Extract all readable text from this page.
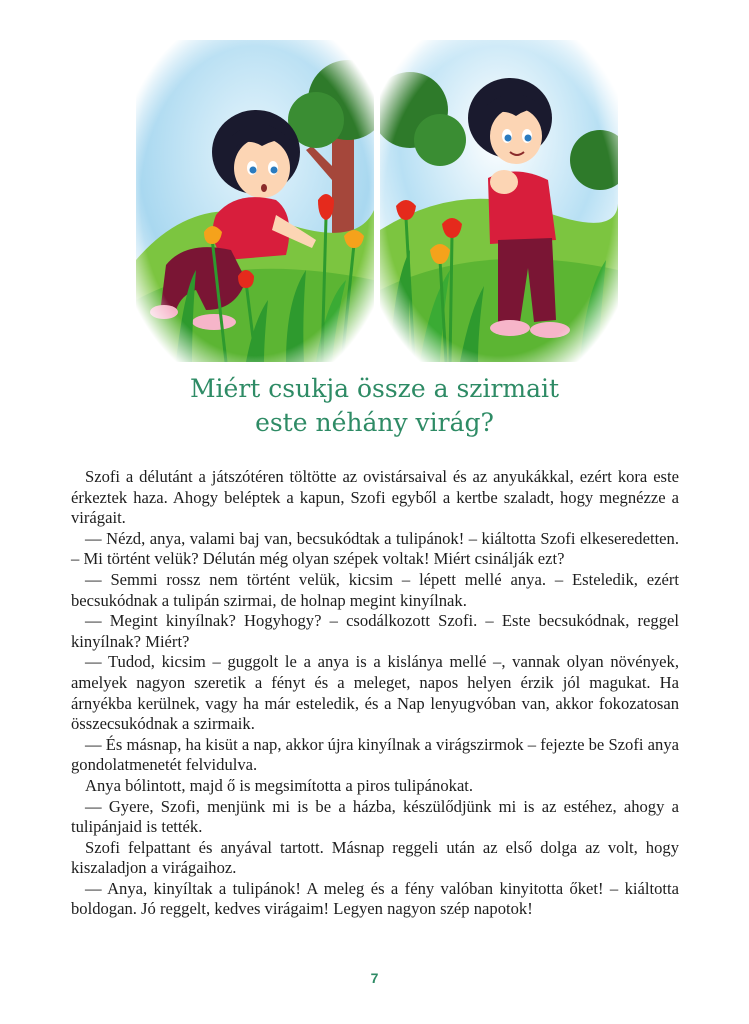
Miért csukja össze a szirmait
este néhány virág?

Szofi a délutánt a játszótéren töltötte az ovistársaival és az anyukákkal, ezért kora este érkeztek haza. Ahogy beléptek a kapun, Szofi egyből a kertbe szaladt, hogy megnézze a virágait.

— Nézd, anya, valami baj van, becsukódtak a tulipánok! – kiáltotta Szofi elkeseredetten. – Mi történt velük? Délután még olyan szépek voltak! Miért csinálják ezt?

— Semmi rossz nem történt velük, kicsim – lépett mellé anya. – Esteledik, ezért becsukódnak a tulipán szirmai, de holnap megint kinyílnak.

— Megint kinyílnak? Hogyhogy? – csodálkozott Szofi. – Este becsukódnak, reggel kinyílnak? Miért?

— Tudod, kicsim – guggolt le a anya is a kislánya mellé –, vannak olyan növények, amelyek nagyon szeretik a fényt és a meleget, napos helyen érzik jól magukat. Ha árnyékba kerülnek, vagy ha már esteledik, és a Nap lenyugvóban van, akkor fokozatosan összecsukódnak a szirmaik.

— És másnap, ha kisüt a nap, akkor újra kinyílnak a virágszirmok – fejezte be Szofi anya gondolatmenetét felvidulva.

Anya bólintott, majd ő is megsimította a piros tulipánokat.

— Gyere, Szofi, menjünk mi is be a házba, készülődjünk mi is az estéhez, ahogy a tulipánjaid is tették.

Szofi felpattant és anyával tartott. Másnap reggeli után az első dolga az volt, hogy kiszaladjon a virágaihoz.

— Anya, kinyíltak a tulipánok! A meleg és a fény valóban kinyitotta őket! – kiáltotta boldogan. Jó reggelt, kedves virágaim! Legyen nagyon szép napotok!

7
